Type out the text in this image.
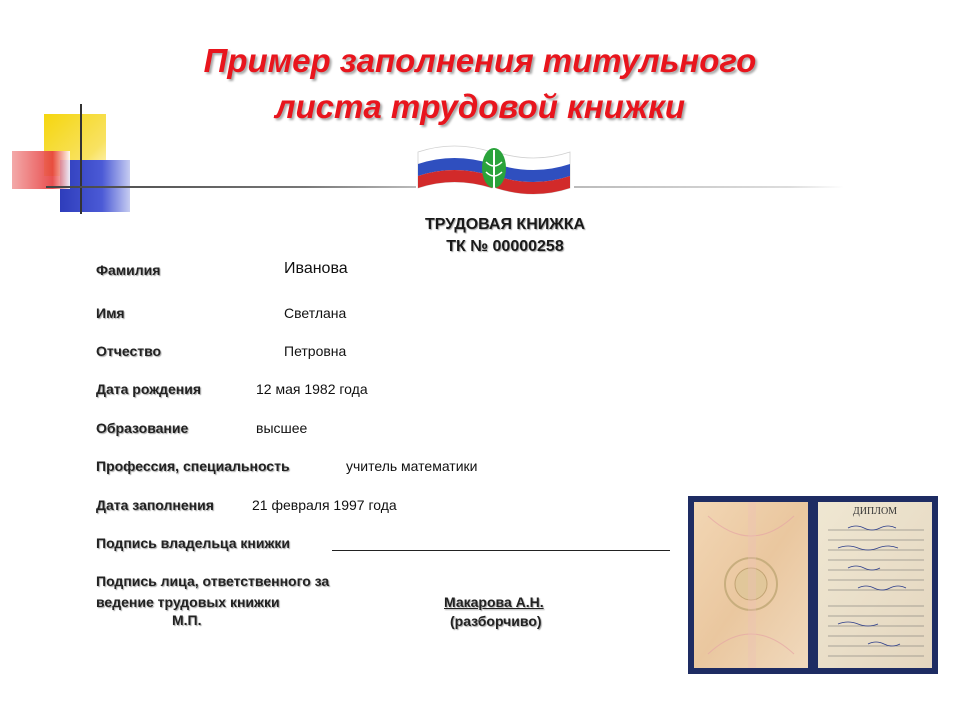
Пример заполнения титульного
листа трудовой книжки
ТРУДОВАЯ КНИЖКА
ТК № 00000258
Фамилия	Иванова
Имя	Светлана
Отчество	Петровна
Дата рождения	12 мая 1982 года
Образование	высшее
Профессия, специальность	учитель математики
Дата заполнения	21 февраля 1997 года
Подпись владельца книжки
Подпись лица, ответственного за
ведение трудовых книжки
М.П.
Макарова А.Н.
(разборчиво)
ДИПЛОМ
